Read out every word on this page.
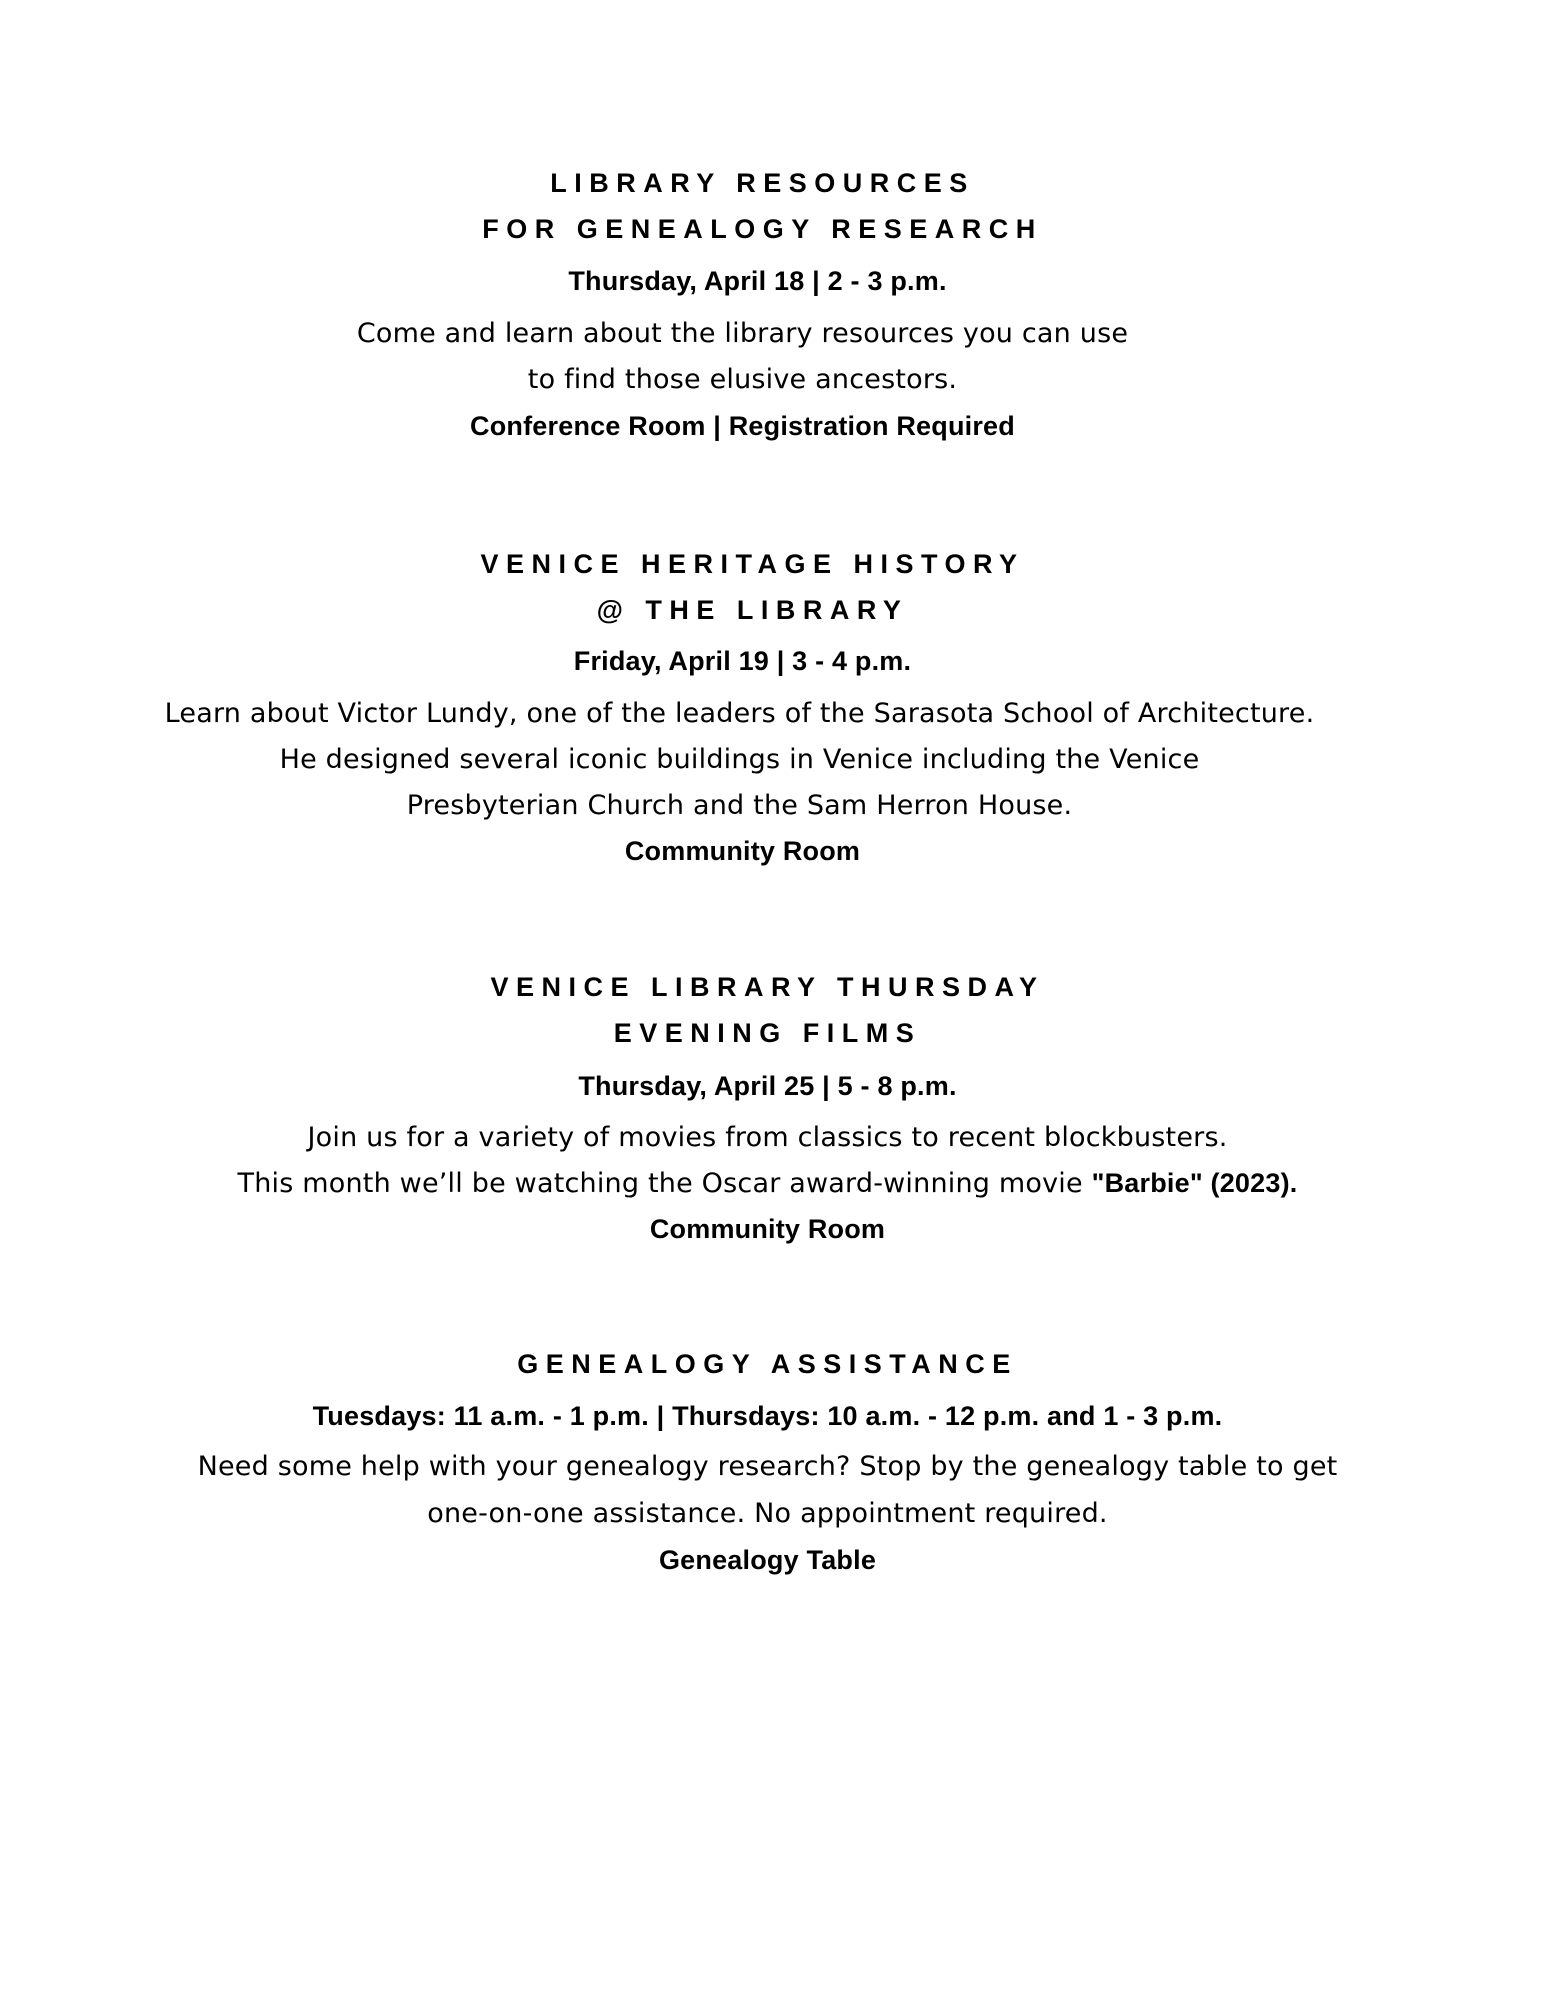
LIBRARY RESOURCES
FOR GENEALOGY RESEARCH
Thursday, April 18 | 2 - 3 p.m.
Come and learn about the library resources you can use
to find those elusive ancestors.
Conference Room | Registration Required
VENICE HERITAGE HISTORY
@ THE LIBRARY
Friday, April 19 | 3 - 4 p.m.
Learn about Victor Lundy, one of the leaders of the Sarasota School of Architecture.
He designed several iconic buildings in Venice including the Venice
Presbyterian Church and the Sam Herron House.
Community Room
VENICE LIBRARY THURSDAY
EVENING FILMS
Thursday, April 25 | 5 - 8 p.m.
Join us for a variety of movies from classics to recent blockbusters.
This month we’ll be watching the Oscar award-winning movie "Barbie" (2023).
Community Room
GENEALOGY ASSISTANCE
Tuesdays: 11 a.m. - 1 p.m. | Thursdays: 10 a.m. - 12 p.m. and 1 - 3 p.m.
Need some help with your genealogy research? Stop by the genealogy table to get
one-on-one assistance. No appointment required.
Genealogy Table
